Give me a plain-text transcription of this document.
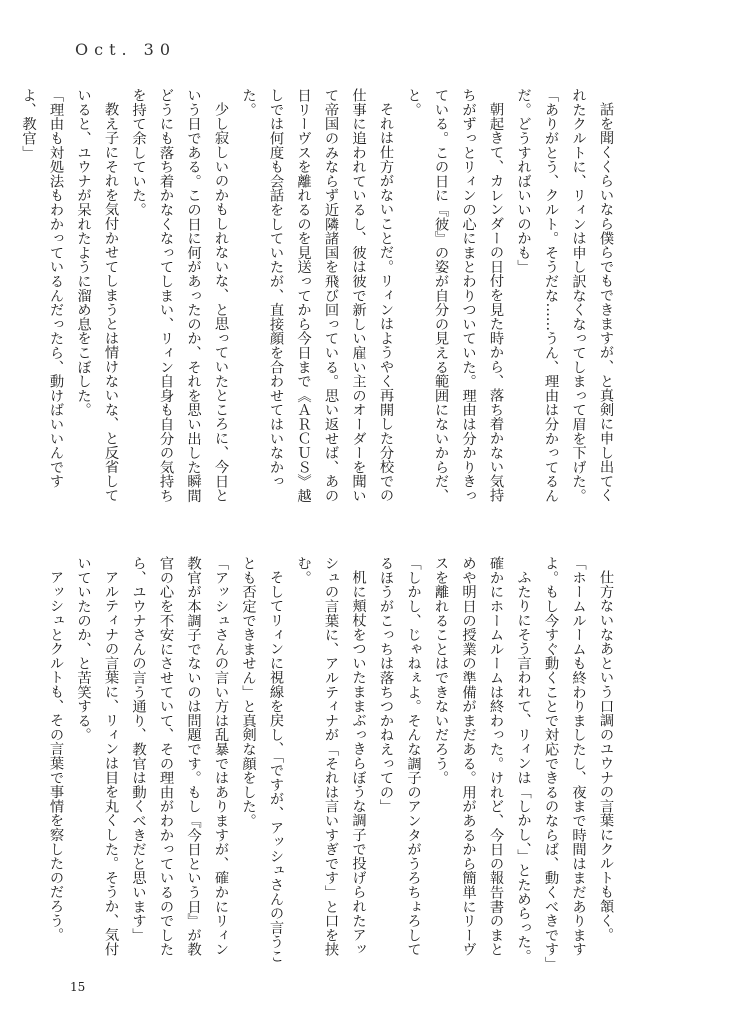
Oct. 30

話を聞くくらいなら僕らでもできますが、と真剣に申し出てくれたクルトに、リィンは申し訳なくなってしまって眉を下げた。

「ありがとう、クルト。そうだな……うん、理由は分かってるんだ。どうすればいいのかも」

朝起きて、カレンダーの日付を見た時から、落ち着かない気持ちがずっとリィンの心にまとわりついていた。理由は分かりきっている。この日に『彼』の姿が自分の見える範囲にないからだ、と。

それは仕方がないことだ。リィンはようやく再開した分校での仕事に追われているし、彼は彼で新しい雇い主のオーダーを聞いて帝国のみならず近隣諸国を飛び回っている。思い返せば、あの日リーヴスを離れるのを見送ってから今日まで《ＡＲＣＵＳ》越しでは何度も会話をしていたが、直接顔を合わせてはいなかった。

少し寂しいのかもしれないな、と思っていたところに、今日という日である。この日に何があったのか、それを思い出した瞬間どうにも落ち着かなくなってしまい、リィン自身も自分の気持ちを持て余していた。

教え子にそれを気付かせてしまうとは情けないな、と反省していると、ユウナが呆れたように溜め息をこぼした。

「理由も対処法もわかっているんだったら、動けばいいんですよ、教官」

仕方ないなあという口調のユウナの言葉にクルトも頷く。

「ホームルームも終わりましたし、夜まで時間はまだありますよ。もし今すぐ動くことで対応できるのならば、動くべきです」

ふたりにそう言われて、リィンは「しかし、」とためらった。確かにホームルームは終わった。けれど、今日の報告書のまとめや明日の授業の準備がまだある。用があるから簡単にリーヴスを離れることはできないだろう。

「しかし、じゃねぇよ。そんな調子のアンタがうろちょろしてるほうがこっちは落ちつかねえっての」

机に頬杖をついたままぶっきらぼうな調子で投げられたアッシュの言葉に、アルティナが「それは言いすぎです」と口を挟む。

そしてリィンに視線を戻し、「ですが、アッシュさんの言うことも否定できません」と真剣な顔をした。

「アッシュさんの言い方は乱暴ではありますが、確かにリィン教官が本調子でないのは問題です。もし『今日という日』が教官の心を不安にさせていて、その理由がわかっているのでしたら、ユウナさんの言う通り、教官は動くべきだと思います」

アルティナの言葉に、リィンは目を丸くした。そうか、気付いていたのか、と苦笑する。

アッシュとクルトも、その言葉で事情を察したのだろう。

15
